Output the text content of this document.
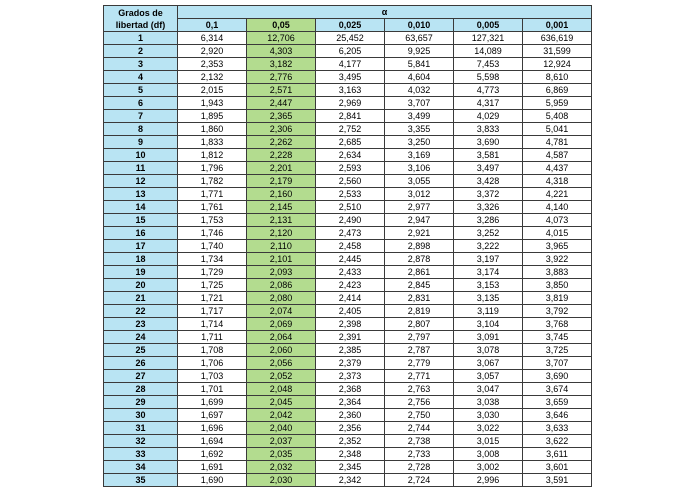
Grados de libertad (df)	α					
	0,1	0,05	0,025	0,010	0,005	0,001
1	6,314	12,706	25,452	63,657	127,321	636,619
2	2,920	4,303	6,205	9,925	14,089	31,599
3	2,353	3,182	4,177	5,841	7,453	12,924
4	2,132	2,776	3,495	4,604	5,598	8,610
5	2,015	2,571	3,163	4,032	4,773	6,869
6	1,943	2,447	2,969	3,707	4,317	5,959
7	1,895	2,365	2,841	3,499	4,029	5,408
8	1,860	2,306	2,752	3,355	3,833	5,041
9	1,833	2,262	2,685	3,250	3,690	4,781
10	1,812	2,228	2,634	3,169	3,581	4,587
11	1,796	2,201	2,593	3,106	3,497	4,437
12	1,782	2,179	2,560	3,055	3,428	4,318
13	1,771	2,160	2,533	3,012	3,372	4,221
14	1,761	2,145	2,510	2,977	3,326	4,140
15	1,753	2,131	2,490	2,947	3,286	4,073
16	1,746	2,120	2,473	2,921	3,252	4,015
17	1,740	2,110	2,458	2,898	3,222	3,965
18	1,734	2,101	2,445	2,878	3,197	3,922
19	1,729	2,093	2,433	2,861	3,174	3,883
20	1,725	2,086	2,423	2,845	3,153	3,850
21	1,721	2,080	2,414	2,831	3,135	3,819
22	1,717	2,074	2,405	2,819	3,119	3,792
23	1,714	2,069	2,398	2,807	3,104	3,768
24	1,711	2,064	2,391	2,797	3,091	3,745
25	1,708	2,060	2,385	2,787	3,078	3,725
26	1,706	2,056	2,379	2,779	3,067	3,707
27	1,703	2,052	2,373	2,771	3,057	3,690
28	1,701	2,048	2,368	2,763	3,047	3,674
29	1,699	2,045	2,364	2,756	3,038	3,659
30	1,697	2,042	2,360	2,750	3,030	3,646
31	1,696	2,040	2,356	2,744	3,022	3,633
32	1,694	2,037	2,352	2,738	3,015	3,622
33	1,692	2,035	2,348	2,733	3,008	3,611
34	1,691	2,032	2,345	2,728	3,002	3,601
35	1,690	2,030	2,342	2,724	2,996	3,591
